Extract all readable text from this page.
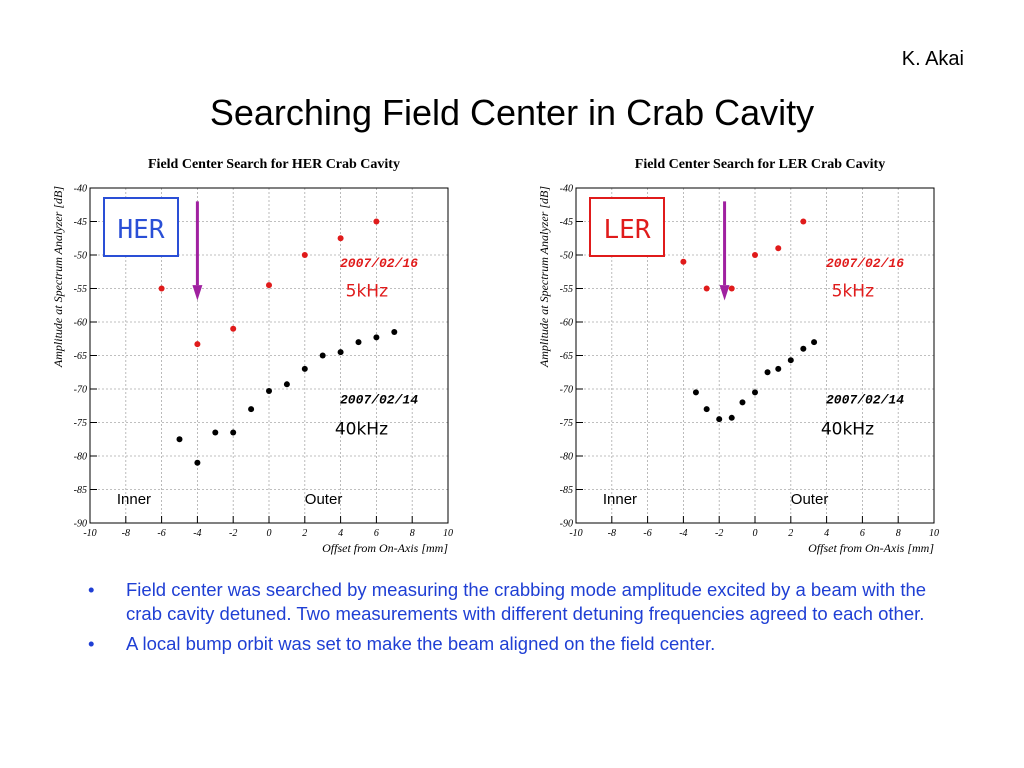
K. Akai
Searching Field Center in Crab Cavity
Field Center Search for HER Crab Cavity
-10 -8	-6	-4	-2	0	2	4	6	8	10
-40
-45
-50
-55
-60
-65
-70
-75
-80
-85
-90
Offset from On-Axis [mm]
Amplitude at Spectrum Analyzer [dB] HER
2007/02/16
5kHz
2007/02/14
40kHz
Inner	Outer
Field Center Search for LER Crab Cavity
-10 -8	-6	-4	-2	0	2	4	6	8	10
-40
-45
-50
-55
-60
-65
-70
-75
-80
-85
-90
Offset from On-Axis [mm]
Amplitude at Spectrum Analyzer [dB] LER
2007/02/16
5kHz
2007/02/14
40kHz
Inner	Outer
• Field center was searched by measuring the crabbing mode amplitude excited by a beam with the crab cavity detuned. Two measurements with different detuning frequencies agreed to each other.
• A local bump orbit was set to make the beam aligned on the field center.
